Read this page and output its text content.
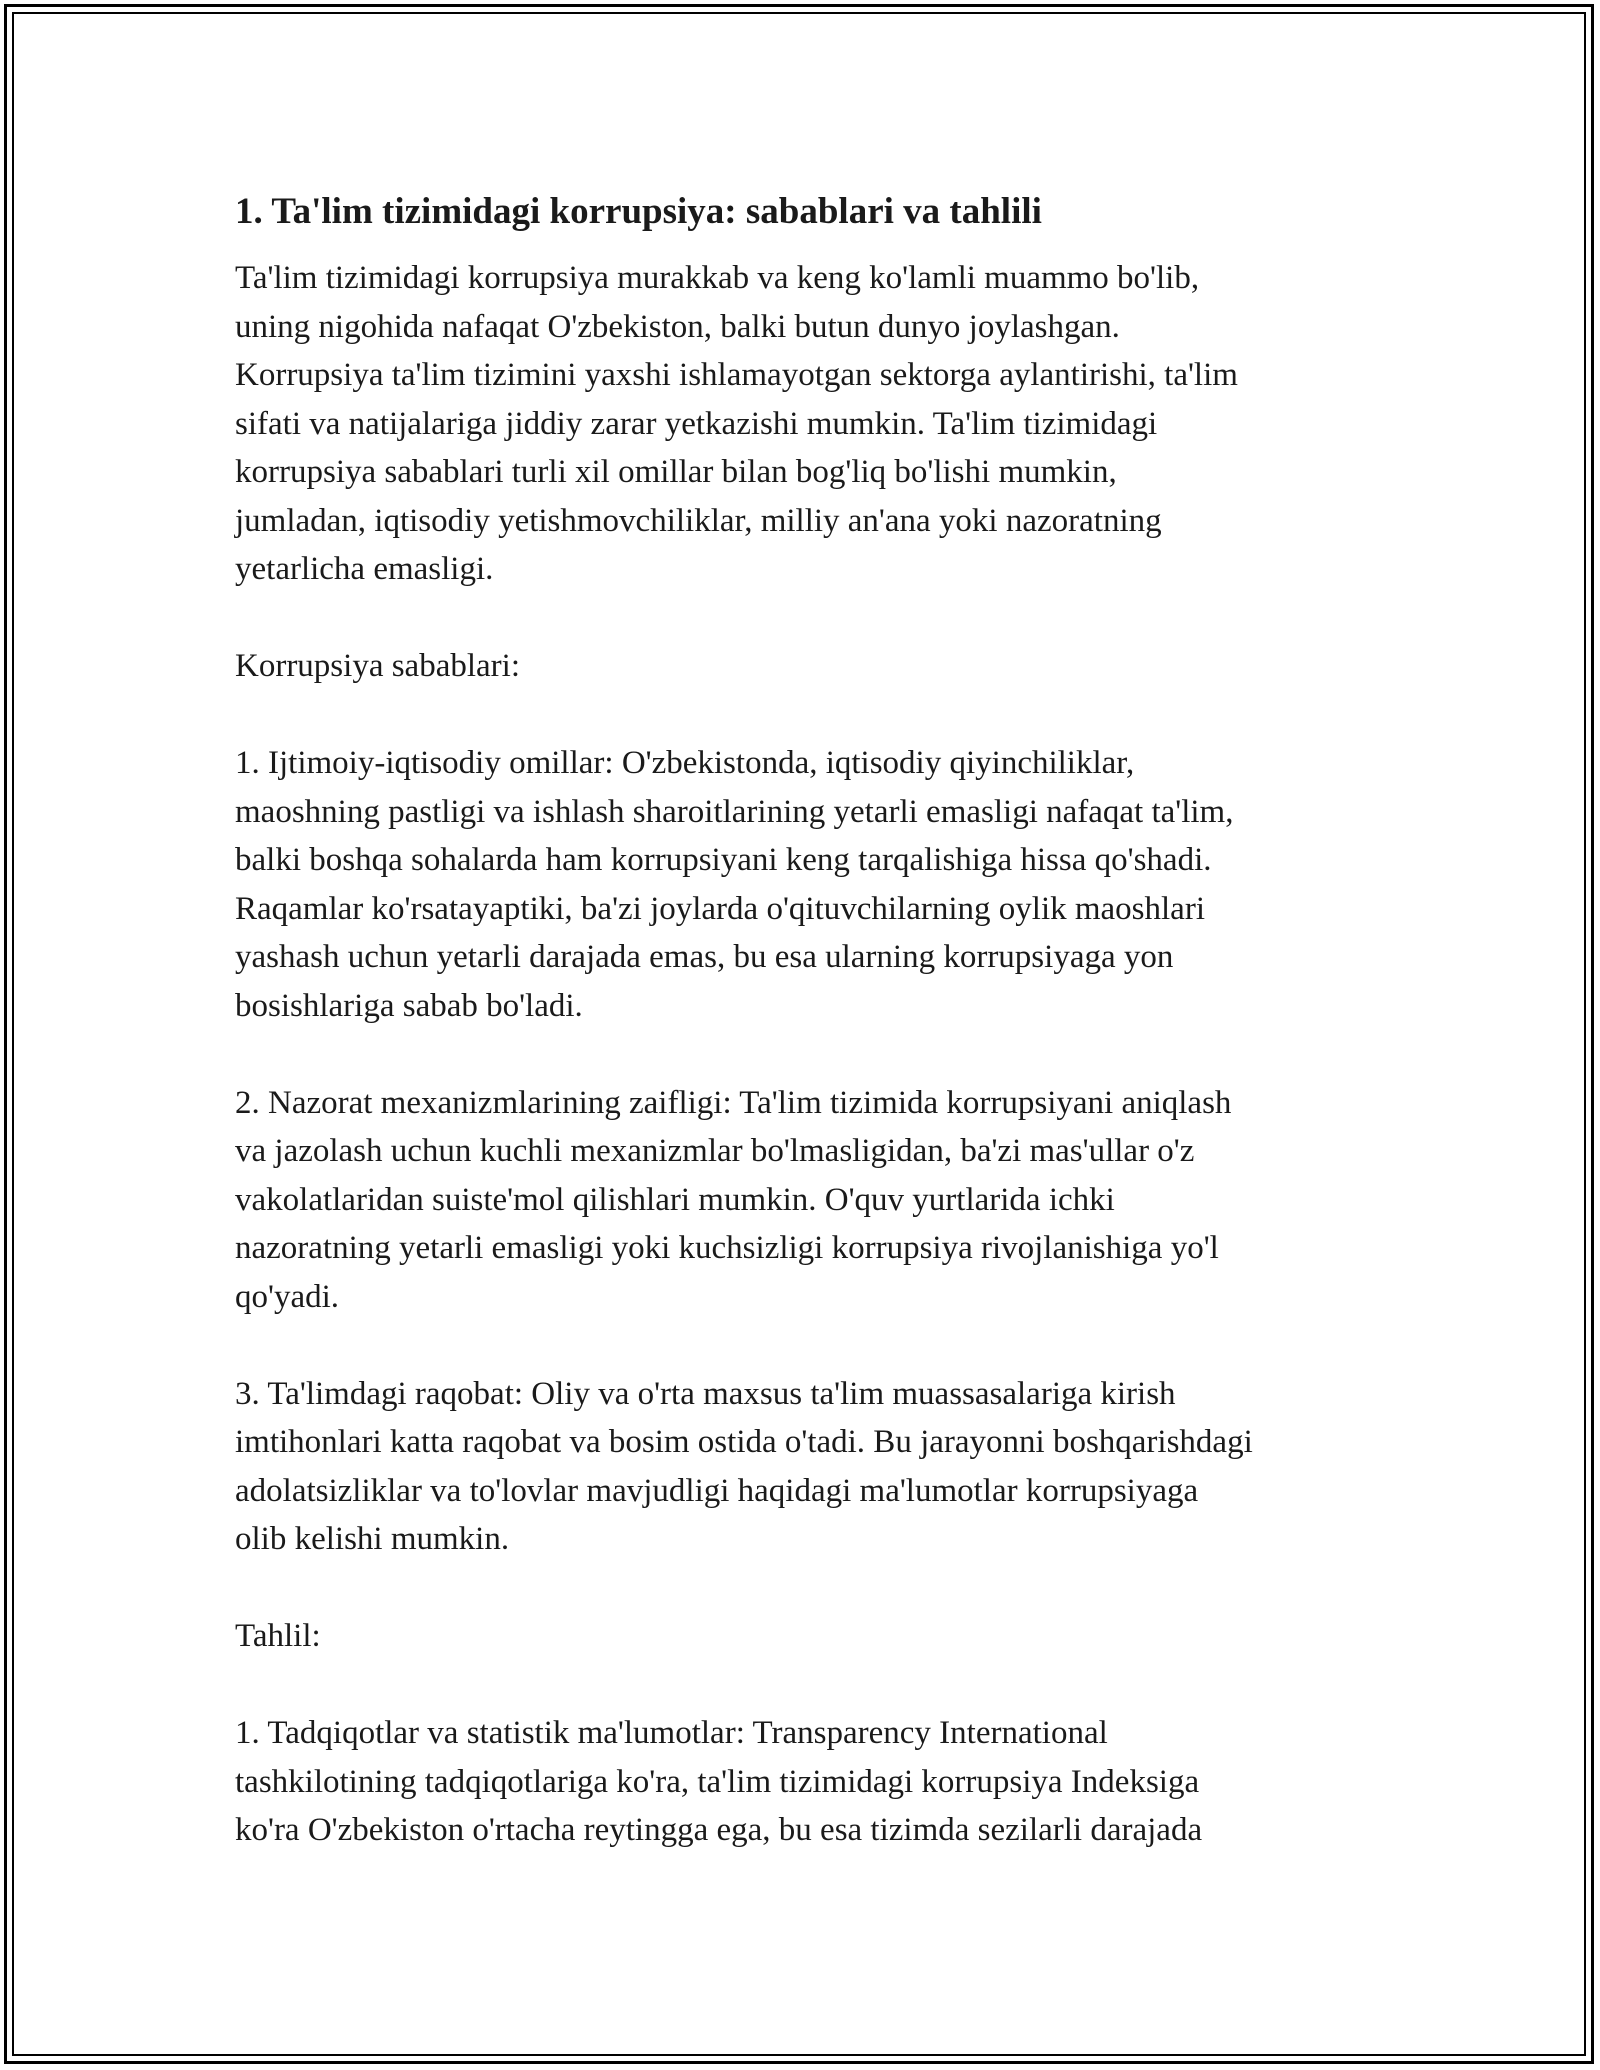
1. Ta'lim tizimidagi korrupsiya: sabablari va tahlili

Ta'lim tizimidagi korrupsiya murakkab va keng ko'lamli muammo bo'lib,
uning nigohida nafaqat O'zbekiston, balki butun dunyo joylashgan.
Korrupsiya ta'lim tizimini yaxshi ishlamayotgan sektorga aylantirishi, ta'lim
sifati va natijalariga jiddiy zarar yetkazishi mumkin. Ta'lim tizimidagi
korrupsiya sabablari turli xil omillar bilan bog'liq bo'lishi mumkin,
jumladan, iqtisodiy yetishmovchiliklar, milliy an'ana yoki nazoratning
yetarlicha emasligi.

Korrupsiya sabablari:

1. Ijtimoiy-iqtisodiy omillar: O'zbekistonda, iqtisodiy qiyinchiliklar,
maoshning pastligi va ishlash sharoitlarining yetarli emasligi nafaqat ta'lim,
balki boshqa sohalarda ham korrupsiyani keng tarqalishiga hissa qo'shadi.
Raqamlar ko'rsatayaptiki, ba'zi joylarda o'qituvchilarning oylik maoshlari
yashash uchun yetarli darajada emas, bu esa ularning korrupsiyaga yon
bosishlariga sabab bo'ladi.

2. Nazorat mexanizmlarining zaifligi: Ta'lim tizimida korrupsiyani aniqlash
va jazolash uchun kuchli mexanizmlar bo'lmasligidan, ba'zi mas'ullar o'z
vakolatlaridan suiste'mol qilishlari mumkin. O'quv yurtlarida ichki
nazoratning yetarli emasligi yoki kuchsizligi korrupsiya rivojlanishiga yo'l
qo'yadi.

3. Ta'limdagi raqobat: Oliy va o'rta maxsus ta'lim muassasalariga kirish
imtihonlari katta raqobat va bosim ostida o'tadi. Bu jarayonni boshqarishdagi
adolatsizliklar va to'lovlar mavjudligi haqidagi ma'lumotlar korrupsiyaga
olib kelishi mumkin.

Tahlil:

1. Tadqiqotlar va statistik ma'lumotlar: Transparency International
tashkilotining tadqiqotlariga ko'ra, ta'lim tizimidagi korrupsiya Indeksiga
ko'ra O'zbekiston o'rtacha reytingga ega, bu esa tizimda sezilarli darajada
